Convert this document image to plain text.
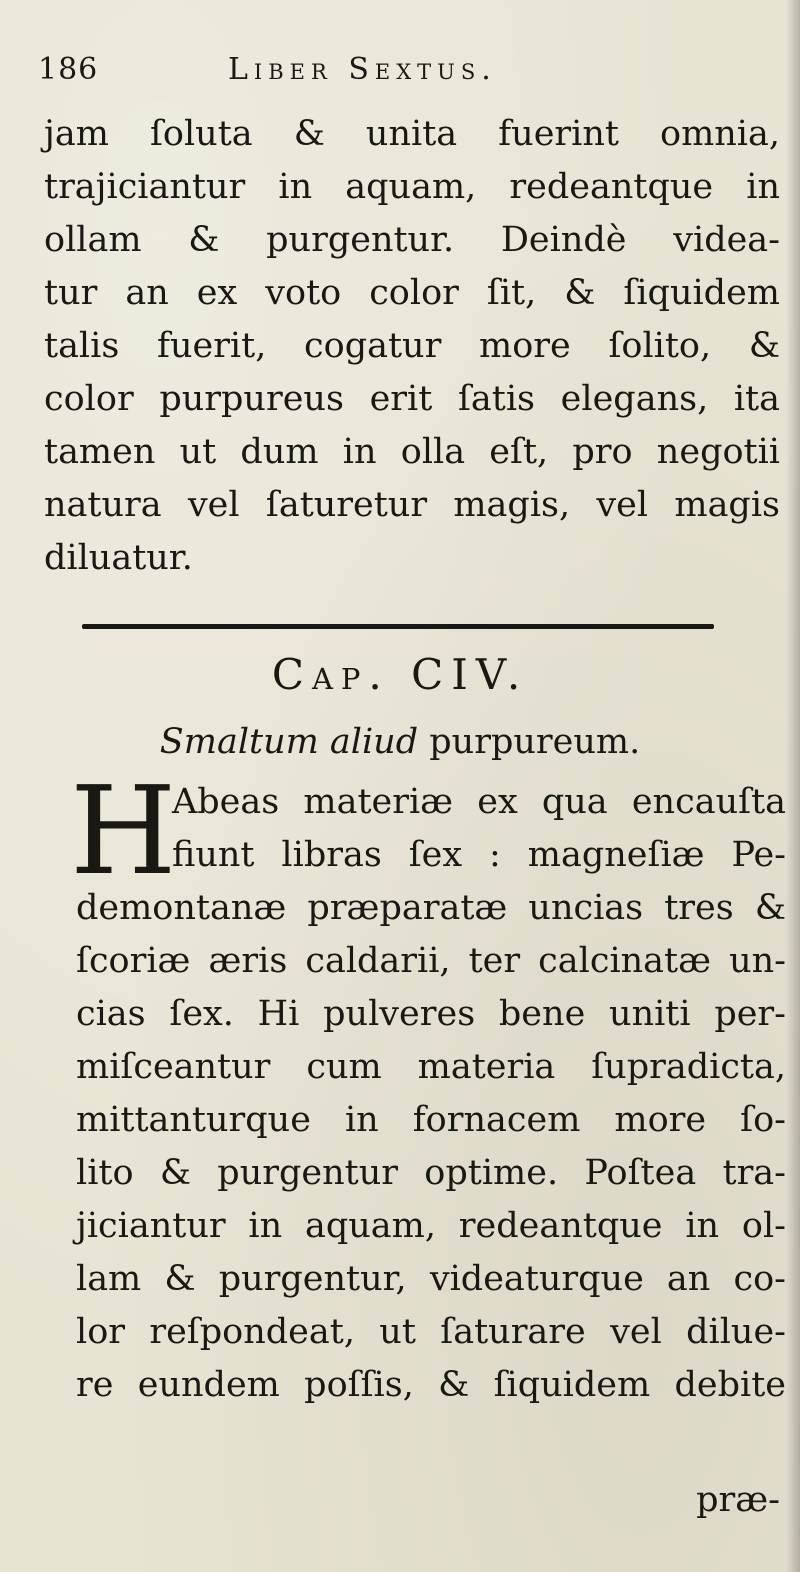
186	Liber Sextus.

jam ſoluta & unita fuerint omnia,
trajiciantur in aquam, redeantque in
ollam & purgentur. Deindè videa-
tur an ex voto color ſit, & ſiquidem
talis fuerit, cogatur more ſolito, &
color purpureus erit ſatis elegans, ita
tamen ut dum in olla eſt, pro negotii
natura vel ſaturetur magis, vel magis
diluatur.

Cap. CIV.

Smaltum aliud purpureum.

H

Abeas materiæ ex qua encauſta
fiunt libras ſex : magneſiæ Pe-
demontanæ præparatæ uncias tres &
ſcoriæ æris caldarii, ter calcinatæ un-
cias ſex. Hi pulveres bene uniti per-
miſceantur cum materia ſupradicta,
mittanturque in fornacem more ſo-
lito & purgentur optime. Poſtea tra-
jiciantur in aquam, redeantque in ol-
lam & purgentur, videaturque an co-
lor reſpondeat, ut ſaturare vel dilue-
re eundem poſſis, & ſiquidem debite

præ-
